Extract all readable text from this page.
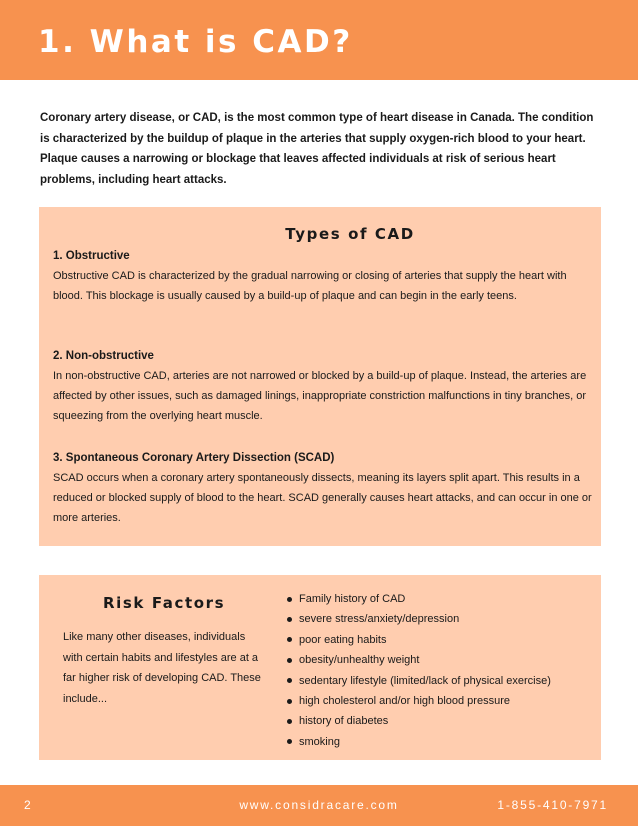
1. What is CAD?

Coronary artery disease, or CAD, is the most common type of heart disease in Canada. The condition is characterized by the buildup of plaque in the arteries that supply oxygen-rich blood to your heart. Plaque causes a narrowing or blockage that leaves affected individuals at risk of serious heart problems, including heart attacks.

Types of CAD

1. Obstructive

Obstructive CAD is characterized by the gradual narrowing or closing of arteries that supply the heart with blood. This blockage is usually caused by a build-up of plaque and can begin in the early teens.

2. Non-obstructive

In non-obstructive CAD, arteries are not narrowed or blocked by a build-up of plaque. Instead, the arteries are affected by other issues, such as damaged linings, inappropriate constriction malfunctions in tiny branches, or squeezing from the overlying heart muscle.

3. Spontaneous Coronary Artery Dissection (SCAD)

SCAD occurs when a coronary artery spontaneously dissects, meaning its layers split apart. This results in a reduced or blocked supply of blood to the heart. SCAD generally causes heart attacks, and can occur in one or more arteries.

Risk Factors

Like many other diseases, individuals with certain habits and lifestyles are at a far higher risk of developing CAD. These include...

Family history of CAD
severe stress/anxiety/depression
poor eating habits
obesity/unhealthy weight
sedentary lifestyle (limited/lack of physical exercise)
high cholesterol and/or high blood pressure
history of diabetes
smoking

2	www.considracare.com	1-855-410-7971
